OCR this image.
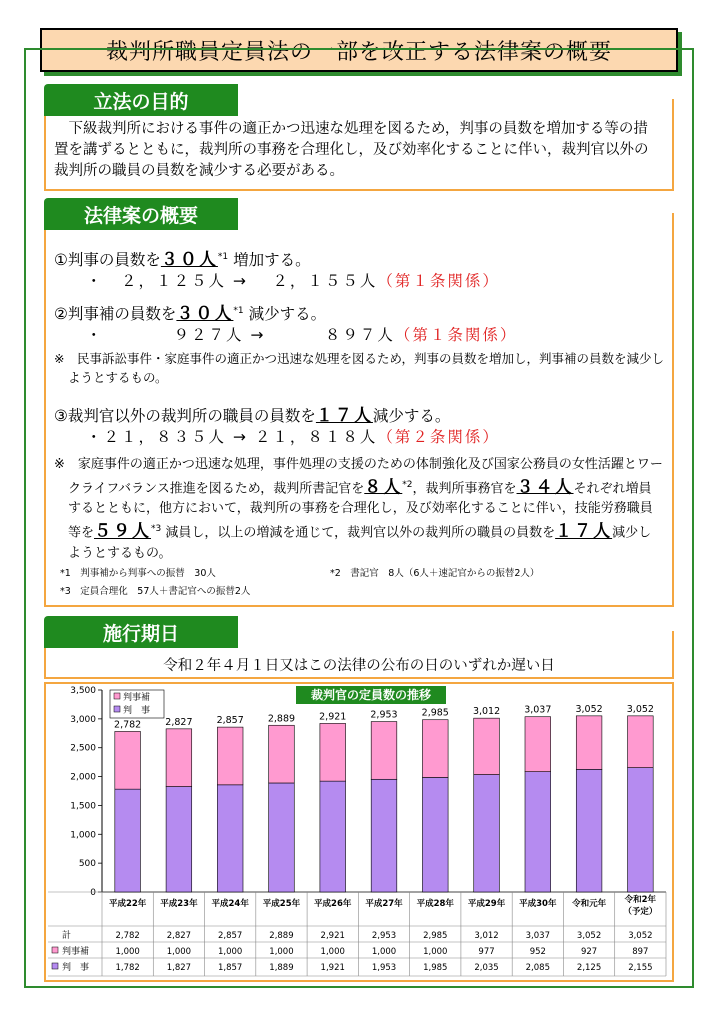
裁判所職員定員法の一部を改正する法律案の概要
立法の目的
下級裁判所における事件の適正かつ迅速な処理を図るため，判事の員数を増加する等の措置を講ずるとともに，裁判所の事務を合理化し，及び効率化することに伴い，裁判官以外の裁判所の職員の員数を減少する必要がある。
法律案の概要
①判事の員数を３０人$^{*1}$ 増加する。
・　２，１２５人 →　 ２，１５５人（第１条関係）
②判事補の員数を３０人$^{*1}$ 減少する。
・　　　　９２７人 →　　　 ８９７人（第１条関係）
※　民事訴訟事件・家庭事件の適正かつ迅速な処理を図るため，判事の員数を増加し，判事補の員数を減少しようとするもの。
③裁判官以外の裁判所の職員の員数を１７人減少する。
・２１，８３５人 → ２１，８１８人（第２条関係）
※　家庭事件の適正かつ迅速な処理，事件処理の支援のための体制強化及び国家公務員の女性活躍とワークライフバランス推進を図るため，裁判所書記官を８人$^{*2}$，裁判所事務官を３４人それぞれ増員するとともに，他方において，裁判所の事務を合理化し，及び効率化することに伴い，技能労務職員等を５９人$^{*3}$ 減員し，以上の増減を通じて，裁判官以外の裁判所の職員の員数を１７人減少しようとするもの。
*1　判事補から判事への振替　30人	*2　書記官　8人（6人＋速記官からの振替2人）
*3　定員合理化　57人＋書記官への振替2人
施行期日
令和２年４月１日又はこの法律の公布の日のいずれか遅い日
0
500
1,000
1,500
2,000
2,500
3,000
3,500
2,782
平成22年
2,782
1,000
1,782
2,827
平成23年
2,827
1,000
1,827
2,857
平成24年
2,857
1,000
1,857
2,889
平成25年
2,889
1,000
1,889
2,921
平成26年
2,921
1,000
1,921
2,953
平成27年
2,953
1,000
1,953
2,985
平成28年
2,985
1,000
1,985
3,012
平成29年
3,012
977
2,035
3,037
平成30年
3,037
952
2,085
3,052
令和元年
3,052
927
2,125
3,052
令和2年
（予定）
3,052
897
2,155
計
判事補
判　事
判事補
判　事
裁判官の定員数の推移
